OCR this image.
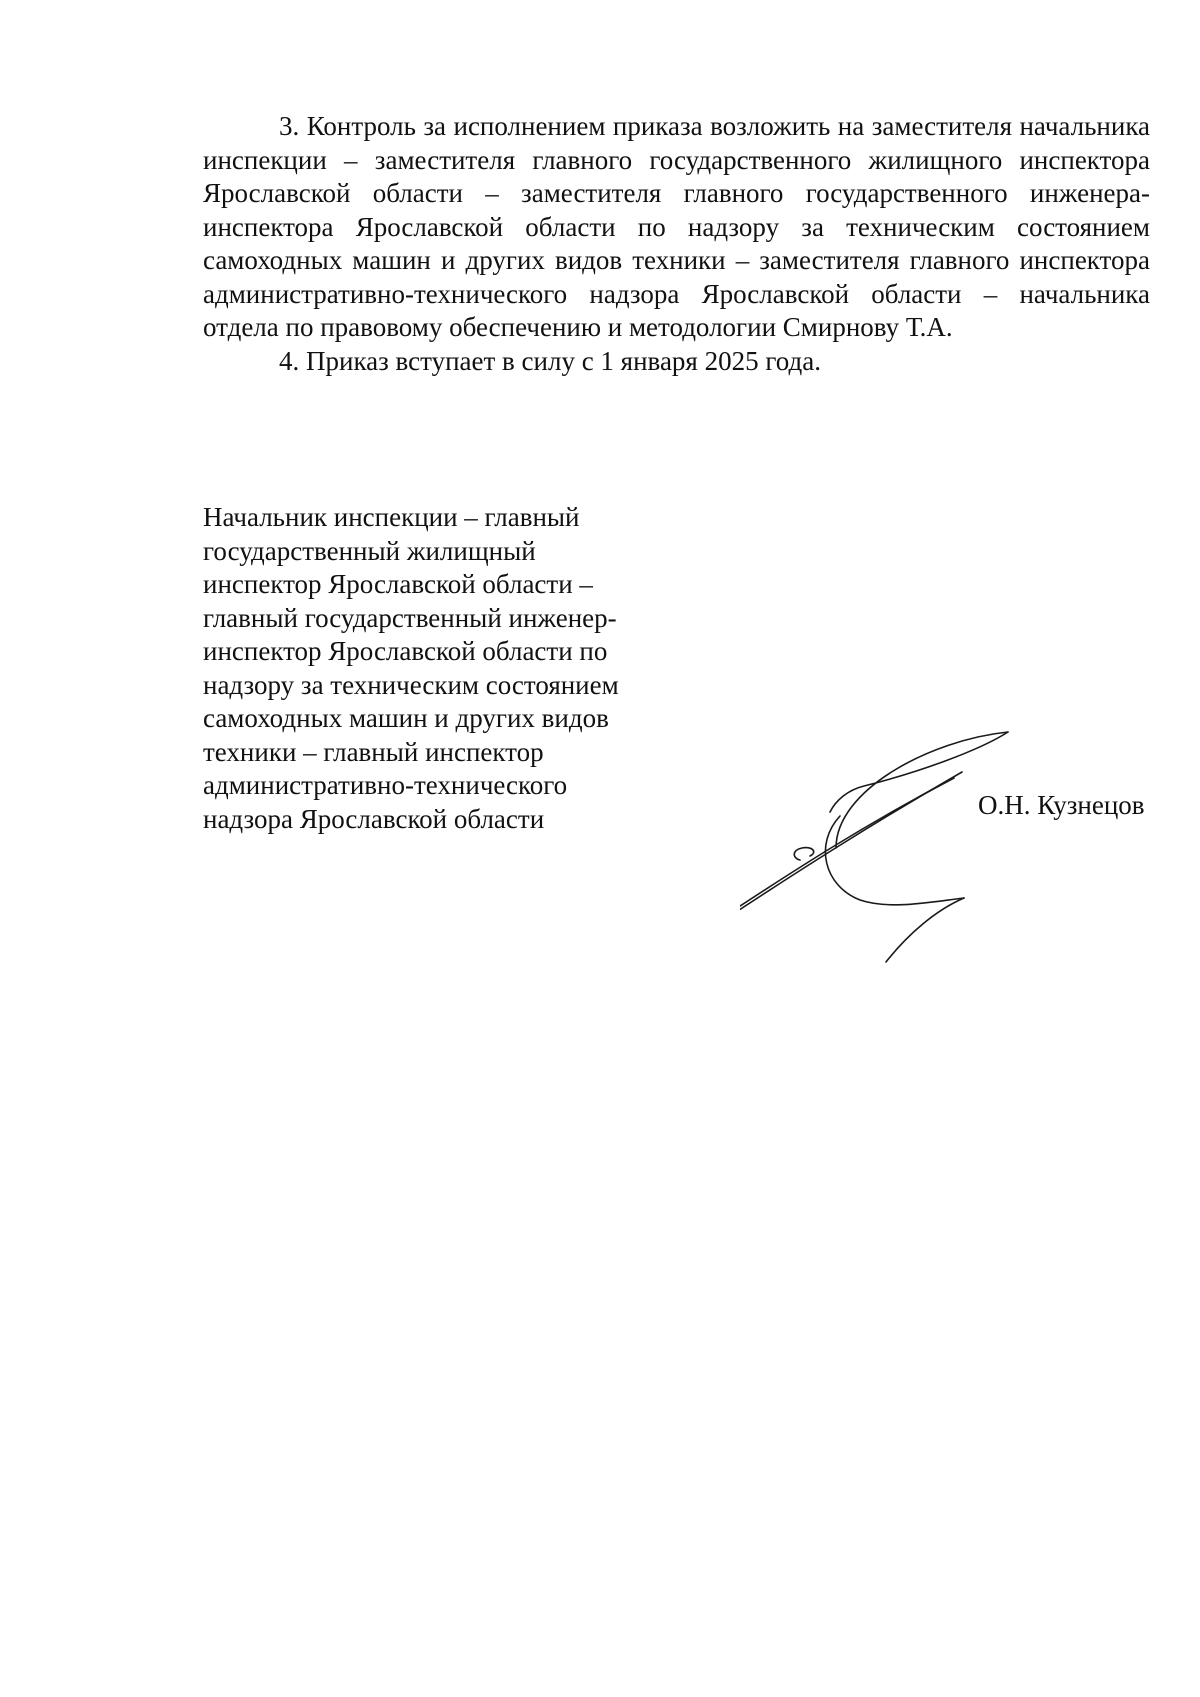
3. Контроль за исполнением приказа возложить на заместителя начальника инспекции – заместителя главного государственного жилищного инспектора Ярославской области – заместителя главного государственного инженера-инспектора Ярославской области по надзору за техническим состоянием самоходных машин и других видов техники – заместителя главного инспектора административно-технического надзора Ярославской области – начальника отдела по правовому обеспечению и методологии Смирнову Т.А.

4. Приказ вступает в силу с 1 января 2025 года.

Начальник инспекции – главный
государственный жилищный
инспектор Ярославской области –
главный государственный инженер-
инспектор Ярославской области по
надзору за техническим состоянием
самоходных машин и других видов
техники – главный инспектор
административно-технического
надзора Ярославской области	О.Н. Кузнецов
